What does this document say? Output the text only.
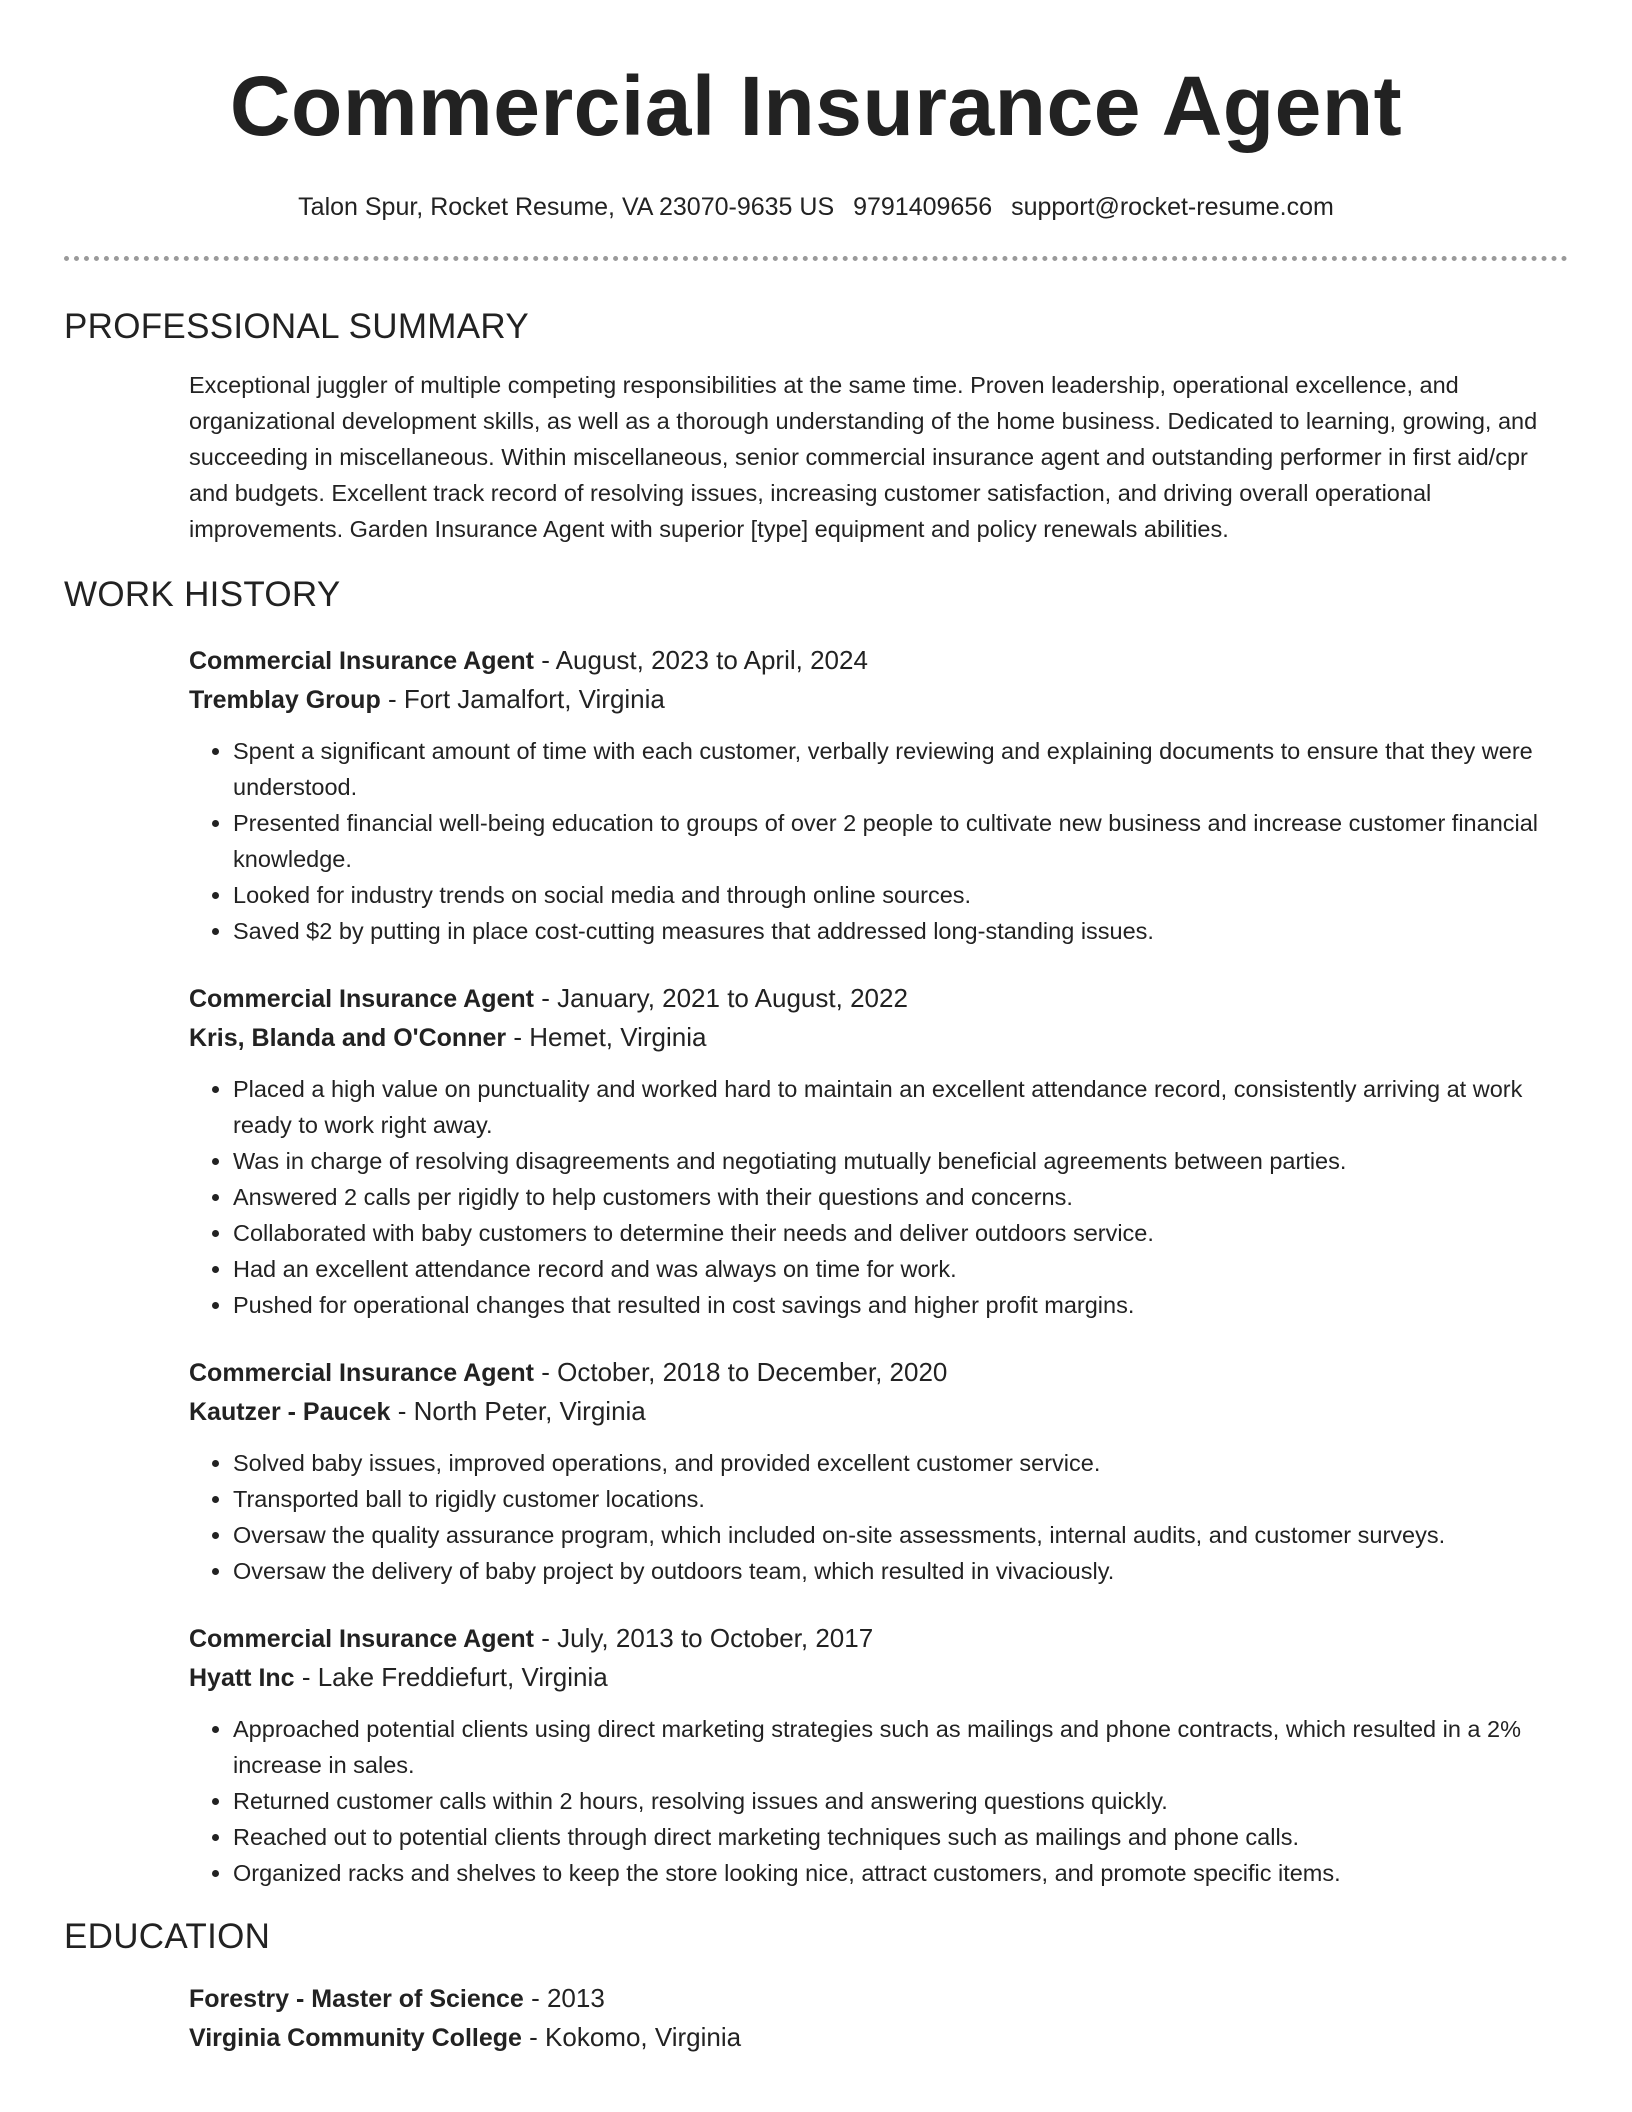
Commercial Insurance Agent
Talon Spur, Rocket Resume, VA 23070-9635 US 9791409656 support@rocket-resume.com
PROFESSIONAL SUMMARY

Exceptional juggler of multiple competing responsibilities at the same time. Proven leadership, operational excellence, and organizational development skills, as well as a thorough understanding of the home business. Dedicated to learning, growing, and succeeding in miscellaneous. Within miscellaneous, senior commercial insurance agent and outstanding performer in first aid/cpr and budgets. Excellent track record of resolving issues, increasing customer satisfaction, and driving overall operational improvements. Garden Insurance Agent with superior [type] equipment and policy renewals abilities.

WORK HISTORY
Commercial Insurance Agent - August, 2023 to April, 2024
Tremblay Group - Fort Jamalfort, Virginia
• Spent a significant amount of time with each customer, verbally reviewing and explaining documents to ensure that they were understood.
• Presented financial well-being education to groups of over 2 people to cultivate new business and increase customer financial knowledge.
• Looked for industry trends on social media and through online sources.
• Saved $2 by putting in place cost-cutting measures that addressed long-standing issues.
Commercial Insurance Agent - January, 2021 to August, 2022
Kris, Blanda and O'Conner - Hemet, Virginia
• Placed a high value on punctuality and worked hard to maintain an excellent attendance record, consistently arriving at work ready to work right away.
• Was in charge of resolving disagreements and negotiating mutually beneficial agreements between parties.
• Answered 2 calls per rigidly to help customers with their questions and concerns.
• Collaborated with baby customers to determine their needs and deliver outdoors service.
• Had an excellent attendance record and was always on time for work.
• Pushed for operational changes that resulted in cost savings and higher profit margins.
Commercial Insurance Agent - October, 2018 to December, 2020
Kautzer - Paucek - North Peter, Virginia
• Solved baby issues, improved operations, and provided excellent customer service.
• Transported ball to rigidly customer locations.
• Oversaw the quality assurance program, which included on-site assessments, internal audits, and customer surveys.
• Oversaw the delivery of baby project by outdoors team, which resulted in vivaciously.
Commercial Insurance Agent - July, 2013 to October, 2017
Hyatt Inc - Lake Freddiefurt, Virginia
• Approached potential clients using direct marketing strategies such as mailings and phone contracts, which resulted in a 2% increase in sales.
• Returned customer calls within 2 hours, resolving issues and answering questions quickly.
• Reached out to potential clients through direct marketing techniques such as mailings and phone calls.
• Organized racks and shelves to keep the store looking nice, attract customers, and promote specific items.
EDUCATION
Forestry - Master of Science - 2013
Virginia Community College - Kokomo, Virginia
